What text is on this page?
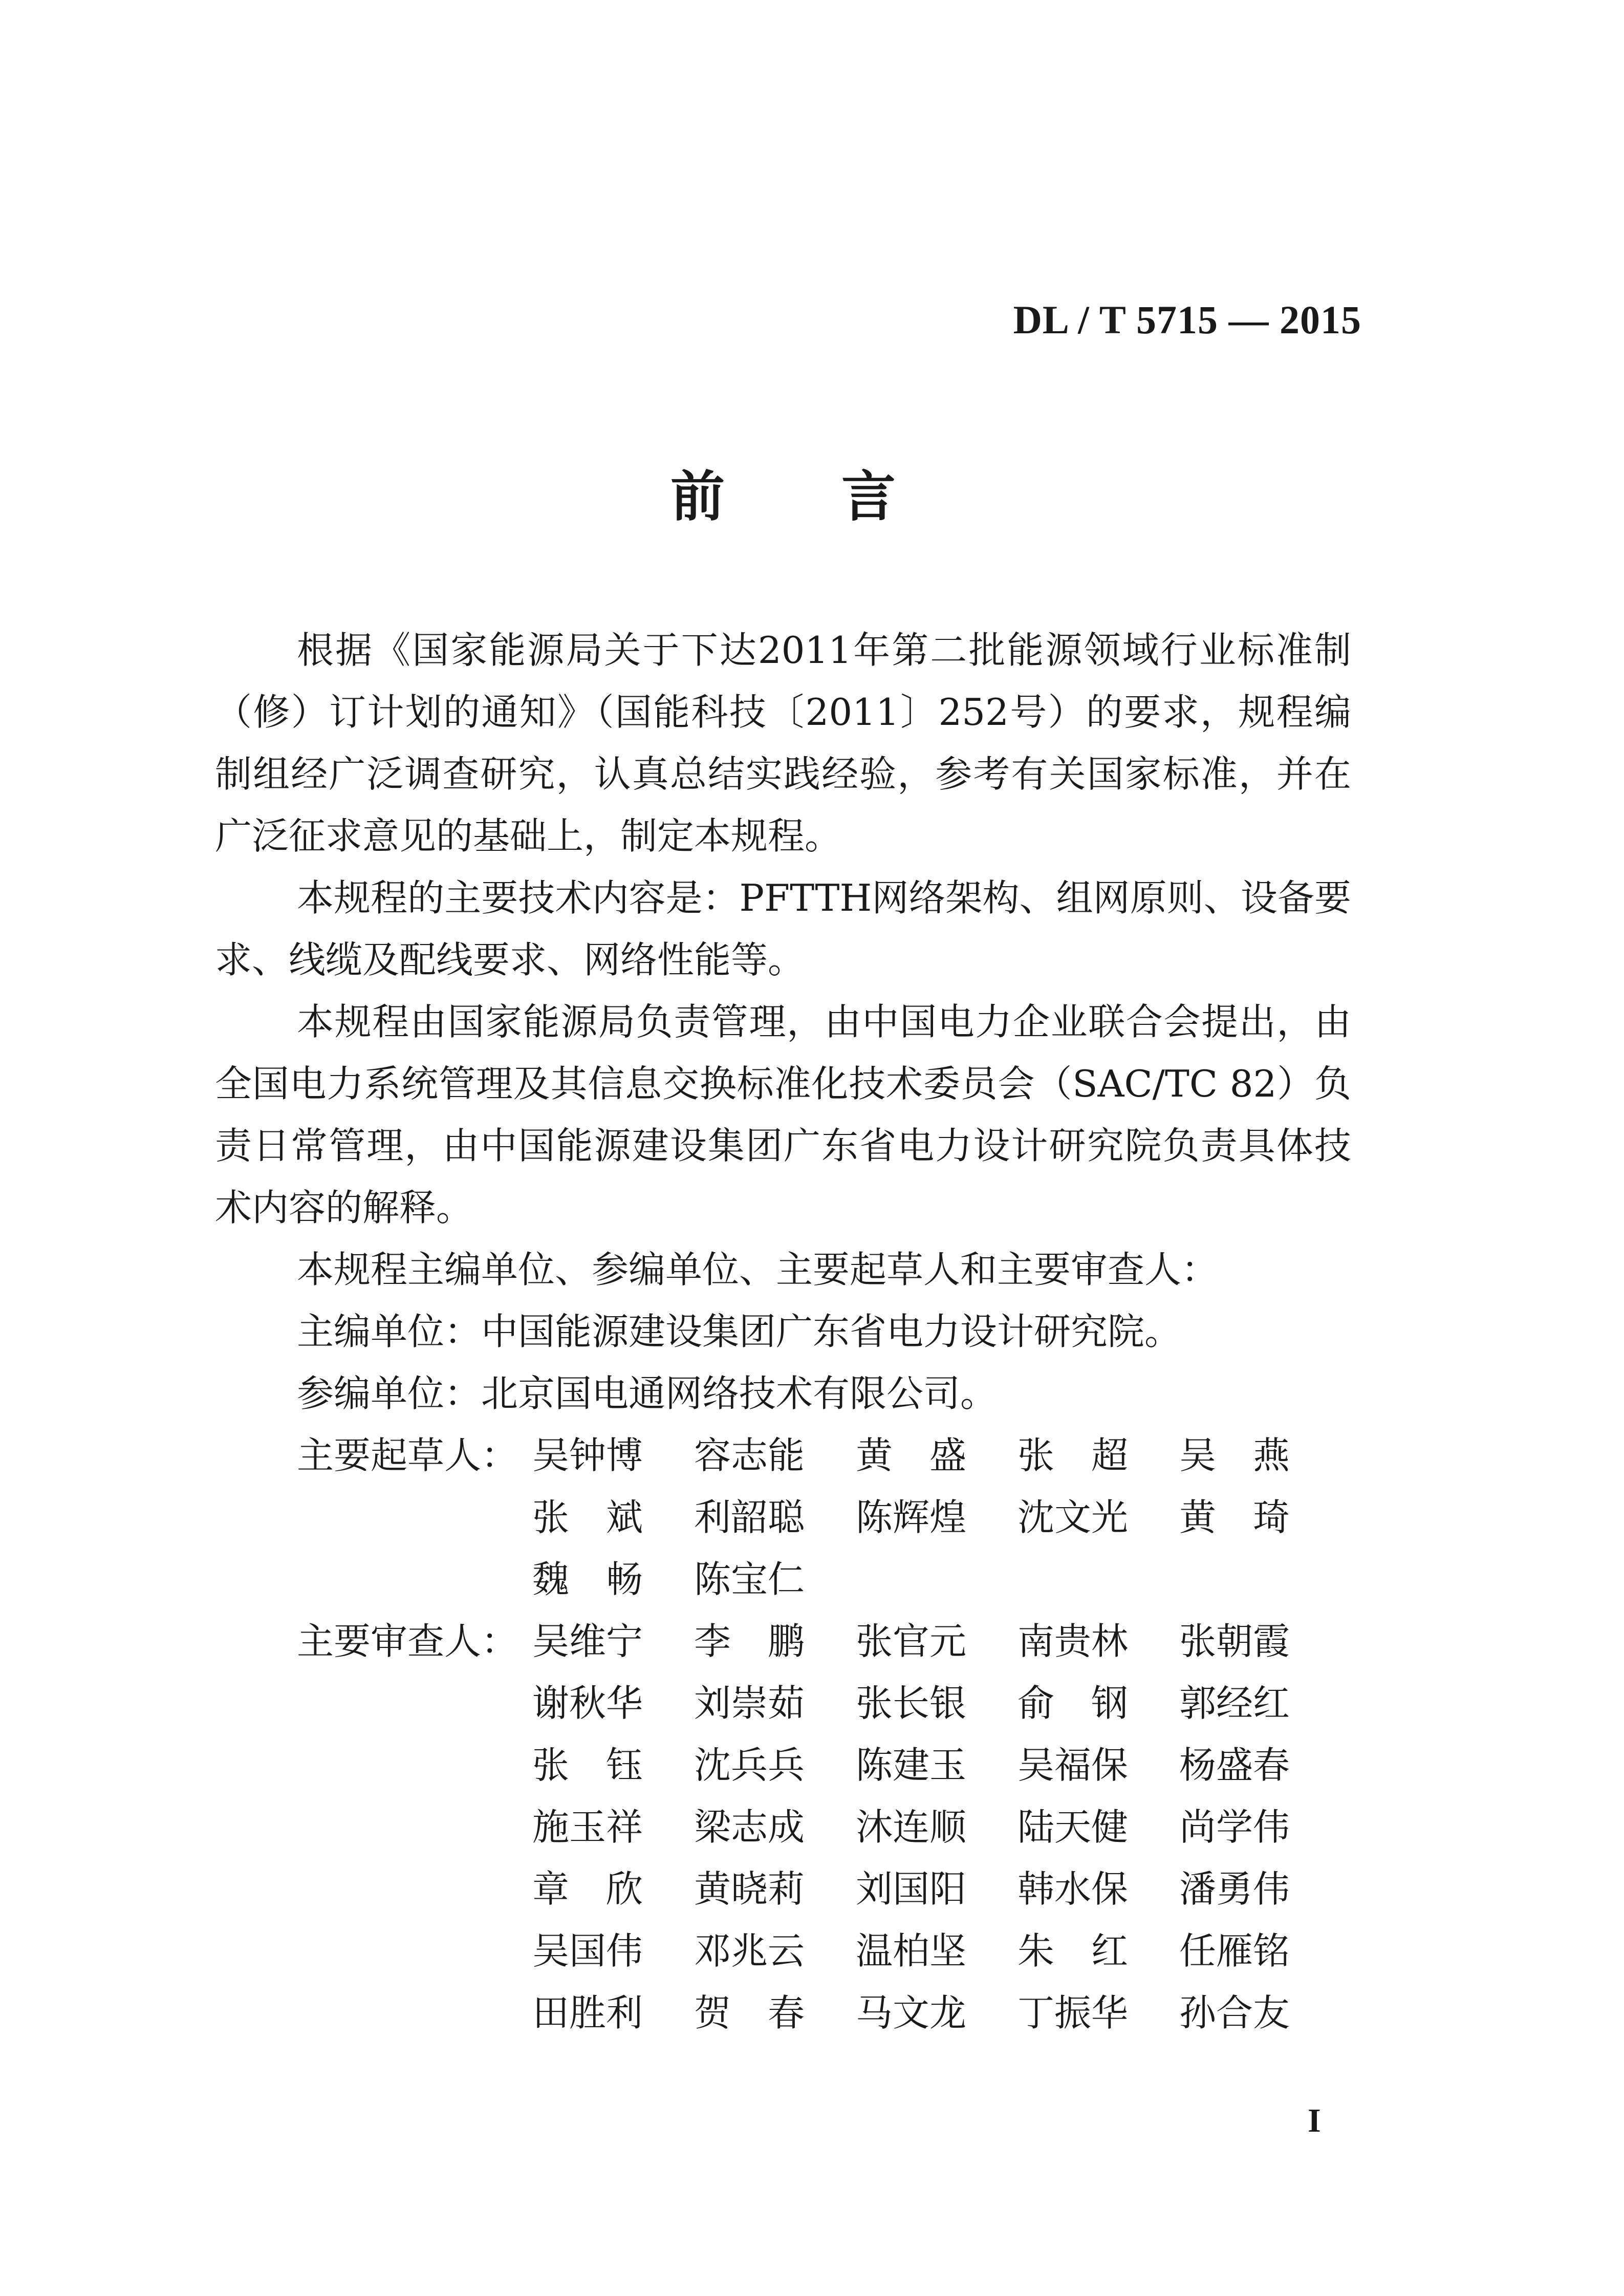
DL / T 5715 — 2015
前 言

根据《国家能源局关于下达2011年第二批能源领域行业标准制（修）订计划的通知》（国能科技〔2011〕252号）的要求，规程编制组经广泛调查研究，认真总结实践经验，参考有关国家标准，并在广泛征求意见的基础上，制定本规程。

本规程的主要技术内容是：PFTTH网络架构、组网原则、设备要求、线缆及配线要求、网络性能等。

本规程由国家能源局负责管理，由中国电力企业联合会提出，由全国电力系统管理及其信息交换标准化技术委员会（SAC/TC 82）负责日常管理，由中国能源建设集团广东省电力设计研究院负责具体技术内容的解释。

本规程主编单位、参编单位、主要起草人和主要审查人：

主编单位：中国能源建设集团广东省电力设计研究院。

参编单位：北京国电通网络技术有限公司。

主要起草人： 吴钟博	容志能	黄　盛	张　超	吴　燕
张　斌	利韶聪	陈辉煌	沈文光	黄　琦
魏　畅	陈宝仁
主要审查人： 吴维宁	李　鹏	张官元	南贵林	张朝霞
谢秋华	刘崇茹	张长银	俞　钢	郭经红
张　钰	沈兵兵	陈建玉	吴福保	杨盛春
施玉祥	梁志成	沐连顺	陆天健	尚学伟
章　欣	黄晓莉	刘国阳	韩水保	潘勇伟
吴国伟	邓兆云	温柏坚	朱　红	任雁铭
田胜利	贺　春	马文龙	丁振华	孙合友
I
